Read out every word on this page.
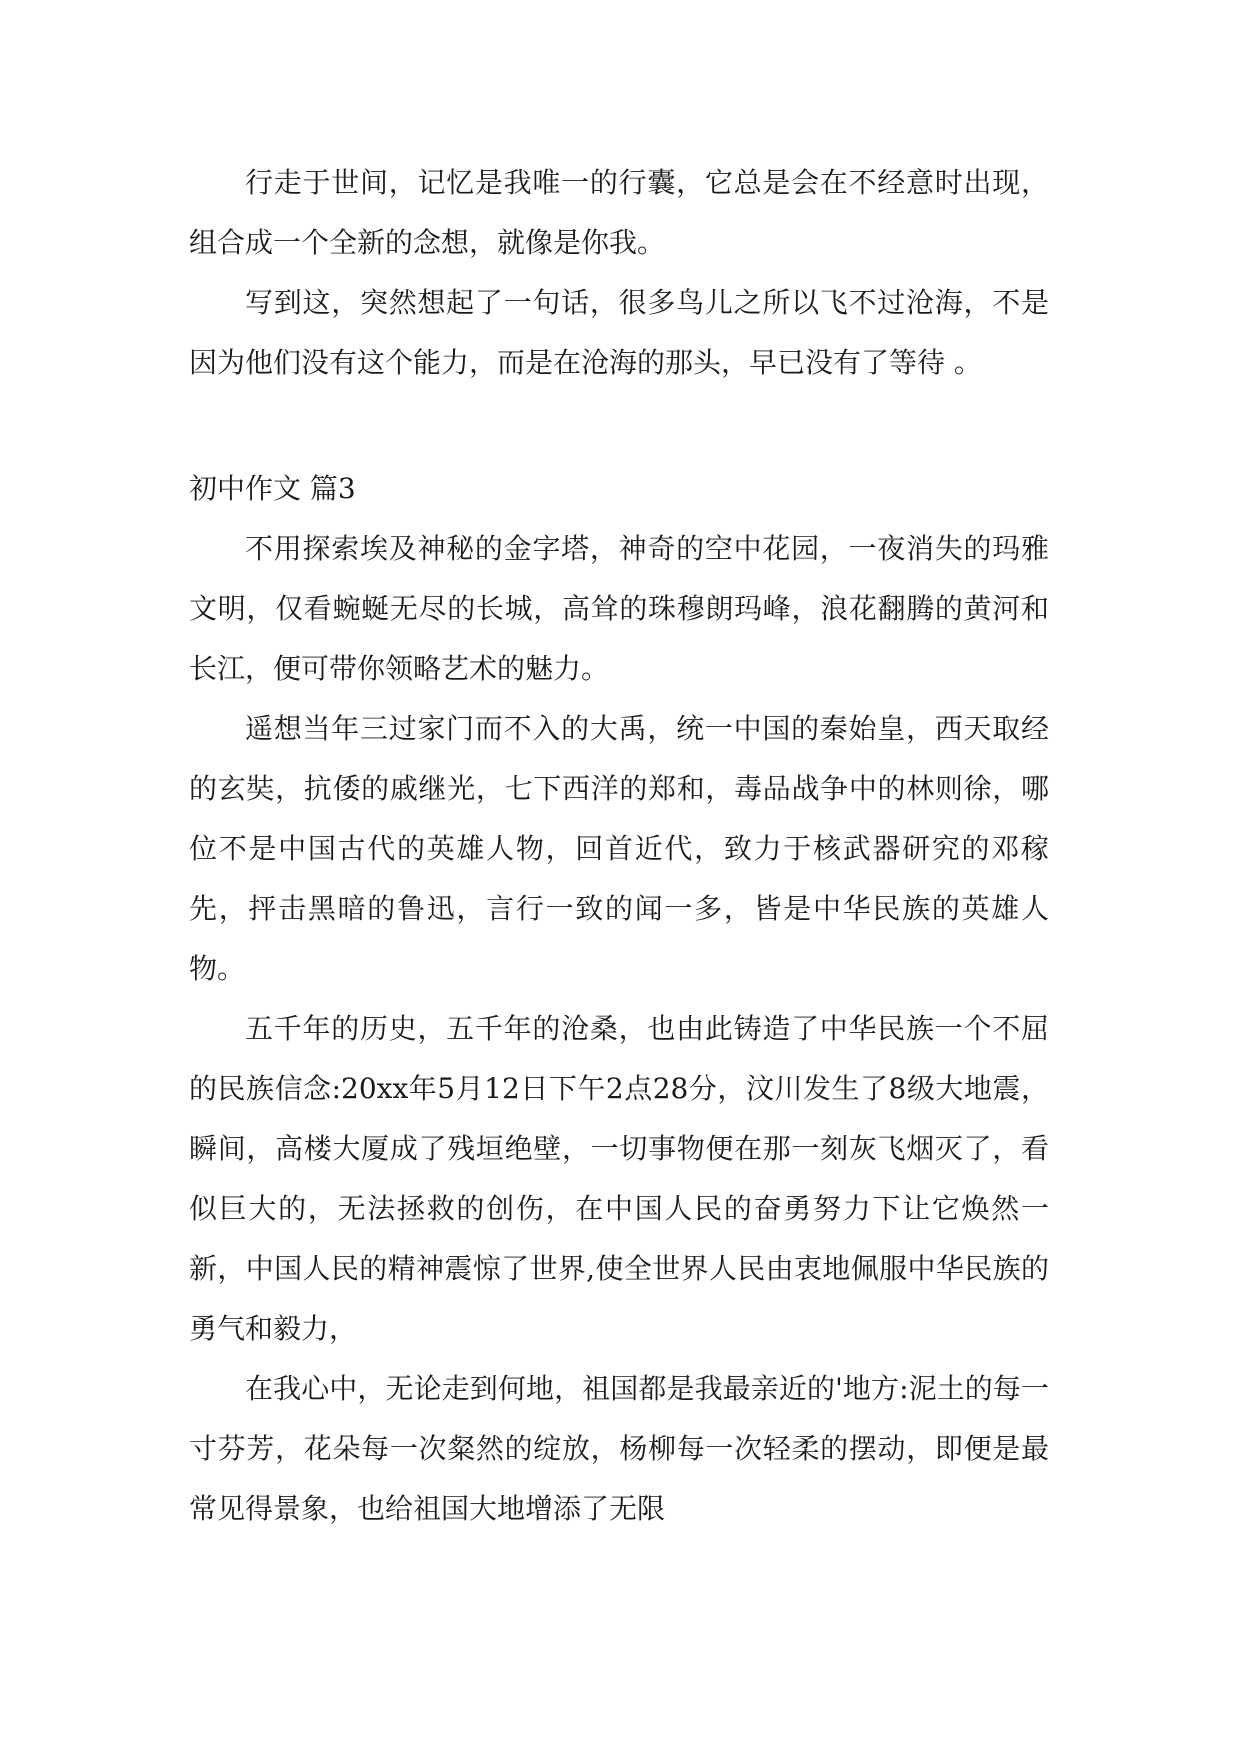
行走于世间，记忆是我唯一的行囊，它总是会在不经意时出现，组合成一个全新的念想，就像是你我。

写到这，突然想起了一句话，很多鸟儿之所以飞不过沧海，不是因为他们没有这个能力，而是在沧海的那头，早已没有了等待 。

初中作文 篇3

不用探索埃及神秘的金字塔，神奇的空中花园，一夜消失的玛雅文明，仅看蜿蜒无尽的长城，高耸的珠穆朗玛峰，浪花翻腾的黄河和长江，便可带你领略艺术的魅力。

遥想当年三过家门而不入的大禹，统一中国的秦始皇，西天取经的玄奘，抗倭的戚继光，七下西洋的郑和，毒品战争中的林则徐，哪位不是中国古代的英雄人物，回首近代，致力于核武器研究的邓稼先，抨击黑暗的鲁迅，言行一致的闻一多，皆是中华民族的英雄人物。

五千年的历史，五千年的沧桑，也由此铸造了中华民族一个不屈的民族信念:20xx年5月12日下午2点28分，汶川发生了8级大地震，瞬间，高楼大厦成了残垣绝壁，一切事物便在那一刻灰飞烟灭了，看似巨大的，无法拯救的创伤，在中国人民的奋勇努力下让它焕然一新，中国人民的精神震惊了世界,使全世界人民由衷地佩服中华民族的勇气和毅力，

在我心中，无论走到何地，祖国都是我最亲近的'地方:泥土的每一寸芬芳，花朵每一次粲然的绽放，杨柳每一次轻柔的摆动，即便是最常见得景象，也给祖国大地增添了无限
